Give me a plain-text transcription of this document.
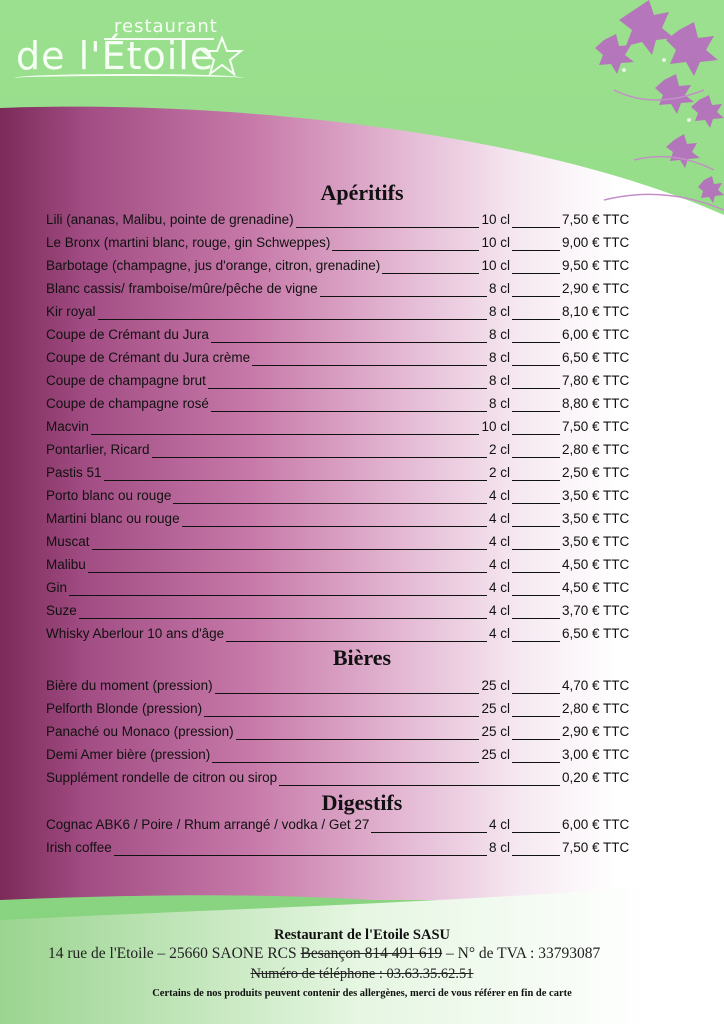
restaurant
de l'Étoile
Apéritifs
Bières
Digestifs
Lili (ananas, Malibu, pointe de grenadine)	10 cl	7,50 € TTC
Le Bronx (martini blanc, rouge, gin Schweppes)	10 cl	9,00 € TTC
Barbotage (champagne, jus d'orange, citron, grenadine)	10 cl	9,50 € TTC
Blanc cassis/ framboise/mûre/pêche de vigne	8 cl	2,90 € TTC
Kir royal	8 cl	8,10 € TTC
Coupe de Crémant du Jura	8 cl	6,00 € TTC
Coupe de Crémant du Jura crème	8 cl	6,50 € TTC
Coupe de champagne brut	8 cl	7,80 € TTC
Coupe de champagne rosé	8 cl	8,80 € TTC
Macvin	10 cl	7,50 € TTC
Pontarlier, Ricard	2 cl	2,80 € TTC
Pastis 51	2 cl	2,50 € TTC
Porto blanc ou rouge	4 cl	3,50 € TTC
Martini blanc ou rouge	4 cl	3,50 € TTC
Muscat	4 cl	3,50 € TTC
Malibu	4 cl	4,50 € TTC
Gin	4 cl	4,50 € TTC
Suze	4 cl	3,70 € TTC
Whisky Aberlour 10 ans d'âge	4 cl	6,50 € TTC
Bière du moment (pression)	25 cl	4,70 € TTC
Pelforth Blonde (pression)	25 cl	2,80 € TTC
Panaché ou Monaco (pression)	25 cl	2,90 € TTC
Demi Amer bière (pression)	25 cl	3,00 € TTC
Supplément rondelle de citron ou sirop	0,20 € TTC
Cognac ABK6 / Poire / Rhum arrangé / vodka / Get 27	4 cl	6,00 € TTC
Irish coffee	8 cl	7,50 € TTC
Restaurant de l'Etoile SASU
14 rue de l'Etoile – 25660 SAONE RCS Besançon 814 491 619 – N° de TVA : 33793087
Numéro de téléphone : 03.63.35.62.51
Certains de nos produits peuvent contenir des allergènes, merci de vous référer en fin de carte
